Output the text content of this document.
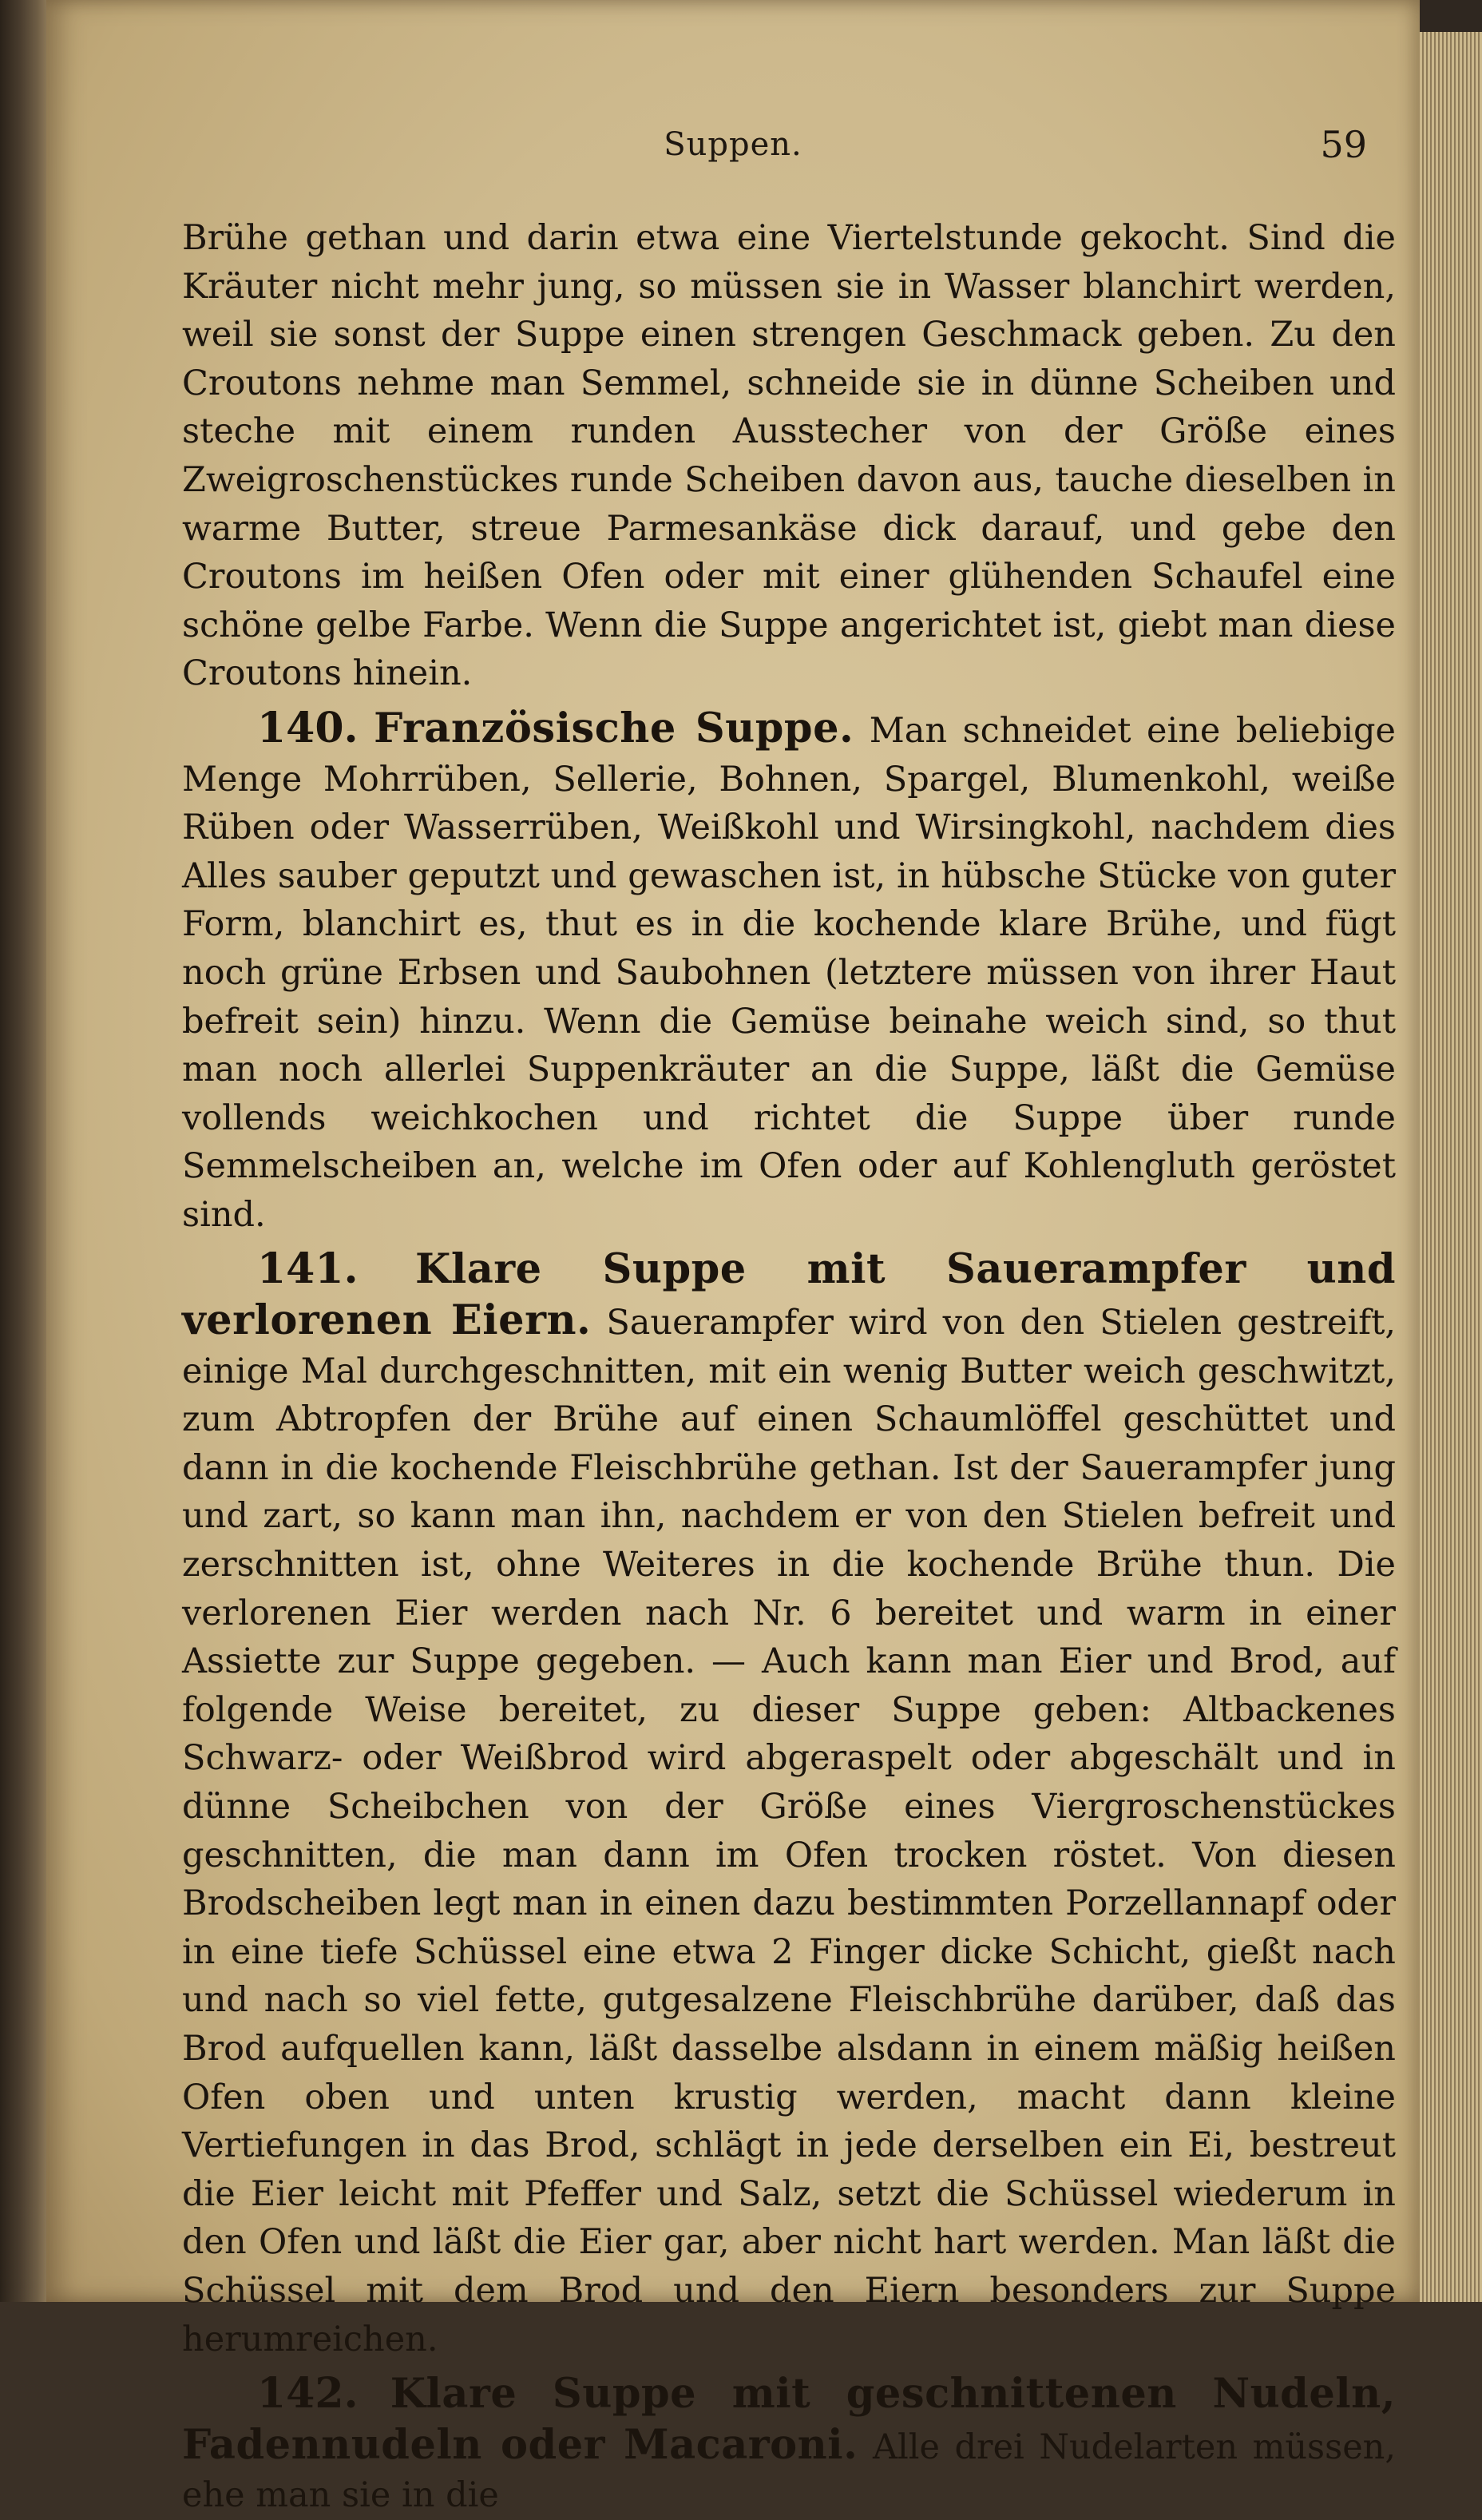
Suppen.	59

Brühe gethan und darin etwa eine Viertelstunde gekocht. Sind die Kräuter nicht mehr jung, so müssen sie in Wasser blanchirt werden, weil sie sonst der Suppe einen strengen Geschmack geben. Zu den Croutons nehme man Semmel, schneide sie in dünne Scheiben und steche mit einem runden Ausstecher von der Größe eines Zweigroschenstückes runde Scheiben davon aus, tauche dieselben in warme Butter, streue Parmesankäse dick darauf, und gebe den Croutons im heißen Ofen oder mit einer glühenden Schaufel eine schöne gelbe Farbe. Wenn die Suppe angerichtet ist, giebt man diese Croutons hinein.

140. Französische Suppe. Man schneidet eine beliebige Menge Mohrrüben, Sellerie, Bohnen, Spargel, Blumenkohl, weiße Rüben oder Wasserrüben, Weißkohl und Wirsingkohl, nachdem dies Alles sauber geputzt und gewaschen ist, in hübsche Stücke von guter Form, blanchirt es, thut es in die kochende klare Brühe, und fügt noch grüne Erbsen und Saubohnen (letztere müssen von ihrer Haut befreit sein) hinzu. Wenn die Gemüse beinahe weich sind, so thut man noch allerlei Suppenkräuter an die Suppe, läßt die Gemüse vollends weichkochen und richtet die Suppe über runde Semmelscheiben an, welche im Ofen oder auf Kohlengluth geröstet sind.

141. Klare Suppe mit Sauerampfer und verlorenen Eiern. Sauerampfer wird von den Stielen gestreift, einige Mal durchgeschnitten, mit ein wenig Butter weich geschwitzt, zum Abtropfen der Brühe auf einen Schaumlöffel geschüttet und dann in die kochende Fleischbrühe gethan. Ist der Sauerampfer jung und zart, so kann man ihn, nachdem er von den Stielen befreit und zerschnitten ist, ohne Weiteres in die kochende Brühe thun. Die verlorenen Eier werden nach Nr. 6 bereitet und warm in einer Assiette zur Suppe gegeben. — Auch kann man Eier und Brod, auf folgende Weise bereitet, zu dieser Suppe geben: Altbackenes Schwarz- oder Weißbrod wird abgeraspelt oder abgeschält und in dünne Scheibchen von der Größe eines Viergroschenstückes geschnitten, die man dann im Ofen trocken röstet. Von diesen Brodscheiben legt man in einen dazu bestimmten Porzellannapf oder in eine tiefe Schüssel eine etwa 2 Finger dicke Schicht, gießt nach und nach so viel fette, gutgesalzene Fleischbrühe darüber, daß das Brod aufquellen kann, läßt dasselbe alsdann in einem mäßig heißen Ofen oben und unten krustig werden, macht dann kleine Vertiefungen in das Brod, schlägt in jede derselben ein Ei, bestreut die Eier leicht mit Pfeffer und Salz, setzt die Schüssel wiederum in den Ofen und läßt die Eier gar, aber nicht hart werden. Man läßt die Schüssel mit dem Brod und den Eiern besonders zur Suppe herumreichen.

142. Klare Suppe mit geschnittenen Nudeln, Fadennudeln oder Macaroni. Alle drei Nudelarten müssen, ehe man sie in die
